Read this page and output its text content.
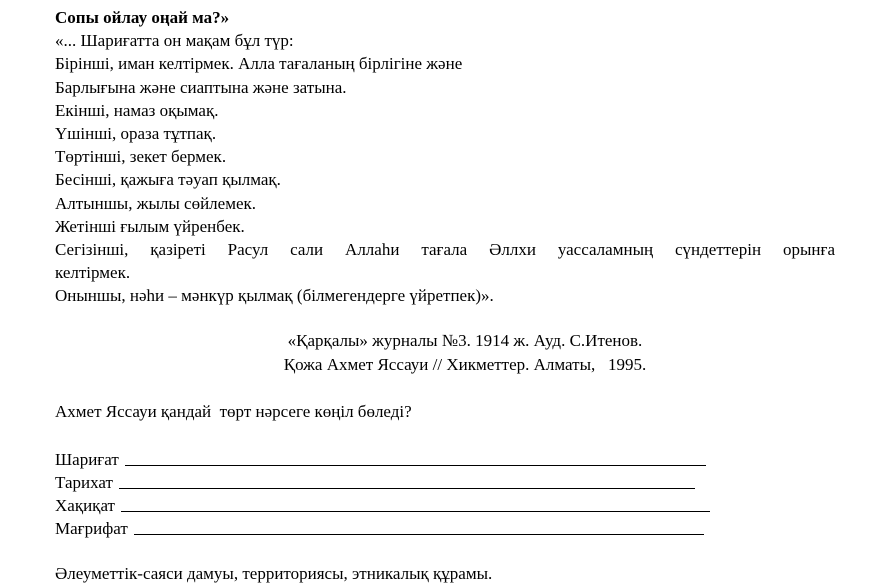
Сопы ойлау оңай ма?»
«... Шариғатта он мақам бұл түр:
Бірінші, иман келтірмек. Алла тағаланың бірлігіне және
Барлығына және сиаптына және затына.
Екінші, намаз оқымақ.
Үшінші, ораза тұтпақ.
Төртінші, зекет бермек.
Бесінші, қажыға тәуап қылмақ.
Алтыншы, жылы сөйлемек.
Жетінші ғылым үйренбек.
Сегізінші, қазіреті Расул сали Аллаһи тағала Әллхи уассаламның сүндеттерін орынға
келтірмек.
Оныншы, нәһи – мәнкүр қылмақ (білмегендерге үйретпек)».
«Қарқалы» журналы №3. 1914 ж. Ауд. С.Итенов.
Қожа Ахмет Яссауи // Хикметтер. Алматы,   1995.
Ахмет Яссауи қандай  төрт нәрсеге көңіл бөледі?
Шариғат
Тарихат
Хақиқат
Мағрифат
Әлеуметтік-саяси дамуы, территориясы, этникалық құрамы.
